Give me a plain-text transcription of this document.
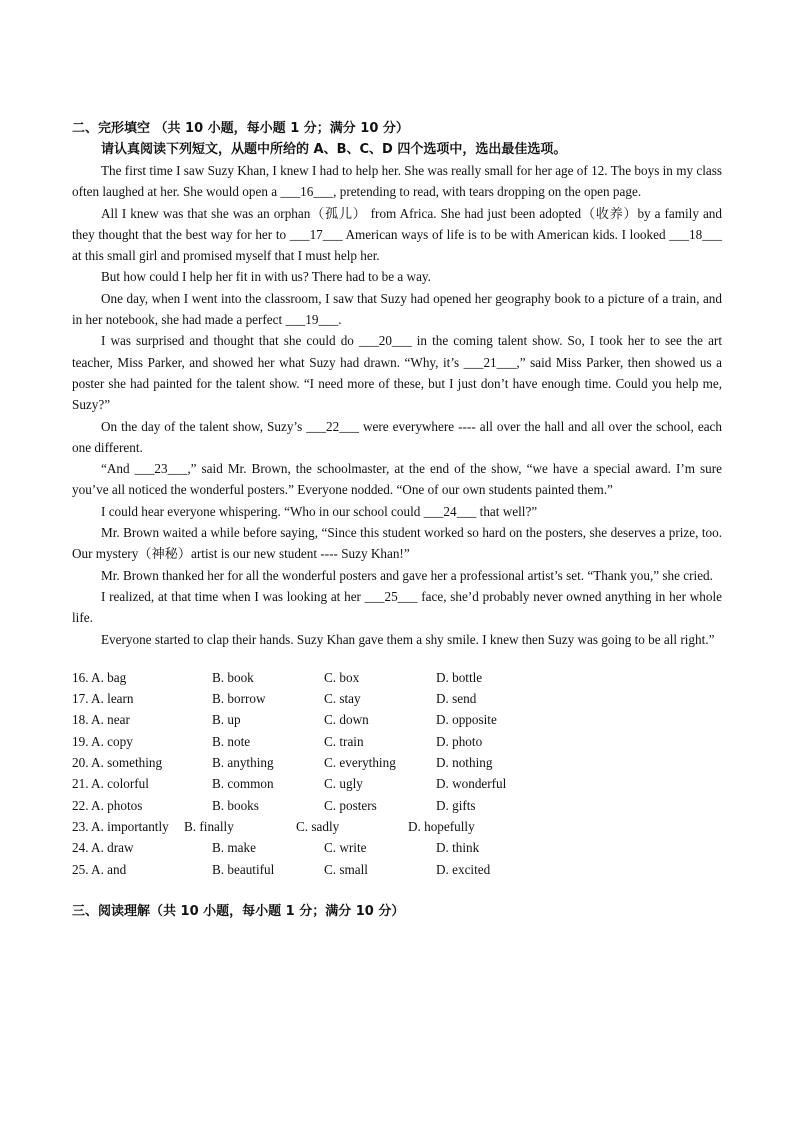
二、完形填空 （共 10 小题，每小题 1 分；满分 10 分）

请认真阅读下列短文，从题中所给的 A、B、C、D 四个选项中，选出最佳选项。

The first time I saw Suzy Khan, I knew I had to help her. She was really small for her age of 12. The boys in my class often laughed at her. She would open a ___16___, pretending to read, with tears dropping on the open page.

All I knew was that she was an orphan（孤儿） from Africa. She had just been adopted（收养）by a family and they thought that the best way for her to ___17___ American ways of life is to be with American kids. I looked ___18___ at this small girl and promised myself that I must help her.

But how could I help her fit in with us? There had to be a way.

One day, when I went into the classroom, I saw that Suzy had opened her geography book to a picture of a train, and in her notebook, she had made a perfect ___19___.

I was surprised and thought that she could do ___20___ in the coming talent show. So, I took her to see the art teacher, Miss Parker, and showed her what Suzy had drawn. “Why, it’s ___21___,” said Miss Parker, then showed us a poster she had painted for the talent show. “I need more of these, but I just don’t have enough time. Could you help me, Suzy?”

On the day of the talent show, Suzy’s ___22___ were everywhere ---- all over the hall and all over the school, each one different.

“And ___23___,” said Mr. Brown, the schoolmaster, at the end of the show, “we have a special award. I’m sure you’ve all noticed the wonderful posters.” Everyone nodded. “One of our own students painted them.”

I could hear everyone whispering. “Who in our school could ___24___ that well?”

Mr. Brown waited a while before saying, “Since this student worked so hard on the posters, she deserves a prize, too. Our mystery（神秘）artist is our new student ---- Suzy Khan!”

Mr. Brown thanked her for all the wonderful posters and gave her a professional artist’s set. “Thank you,” she cried.

I realized, at that time when I was looking at her ___25___ face, she’d probably never owned anything in her whole life.

Everyone started to clap their hands. Suzy Khan gave them a shy smile. I knew then Suzy was going to be all right.”

16. A. bag	B. book	C. box	D. bottle
17. A. learn	B. borrow	C. stay	D. send
18. A. near	B. up	C. down	D. opposite
19. A. copy	B. note	C. train	D. photo
20. A. something	B. anything	C. everything	D. nothing
21. A. colorful	B. common	C. ugly	D. wonderful
22. A. photos	B. books	C. posters	D. gifts
23. A. importantly B. finally	C. sadly	D. hopefully
24. A. draw	B. make	C. write	D. think
25. A. and	B. beautiful	C. small	D. excited

三、阅读理解（共 10 小题，每小题 1 分；满分 10 分）
